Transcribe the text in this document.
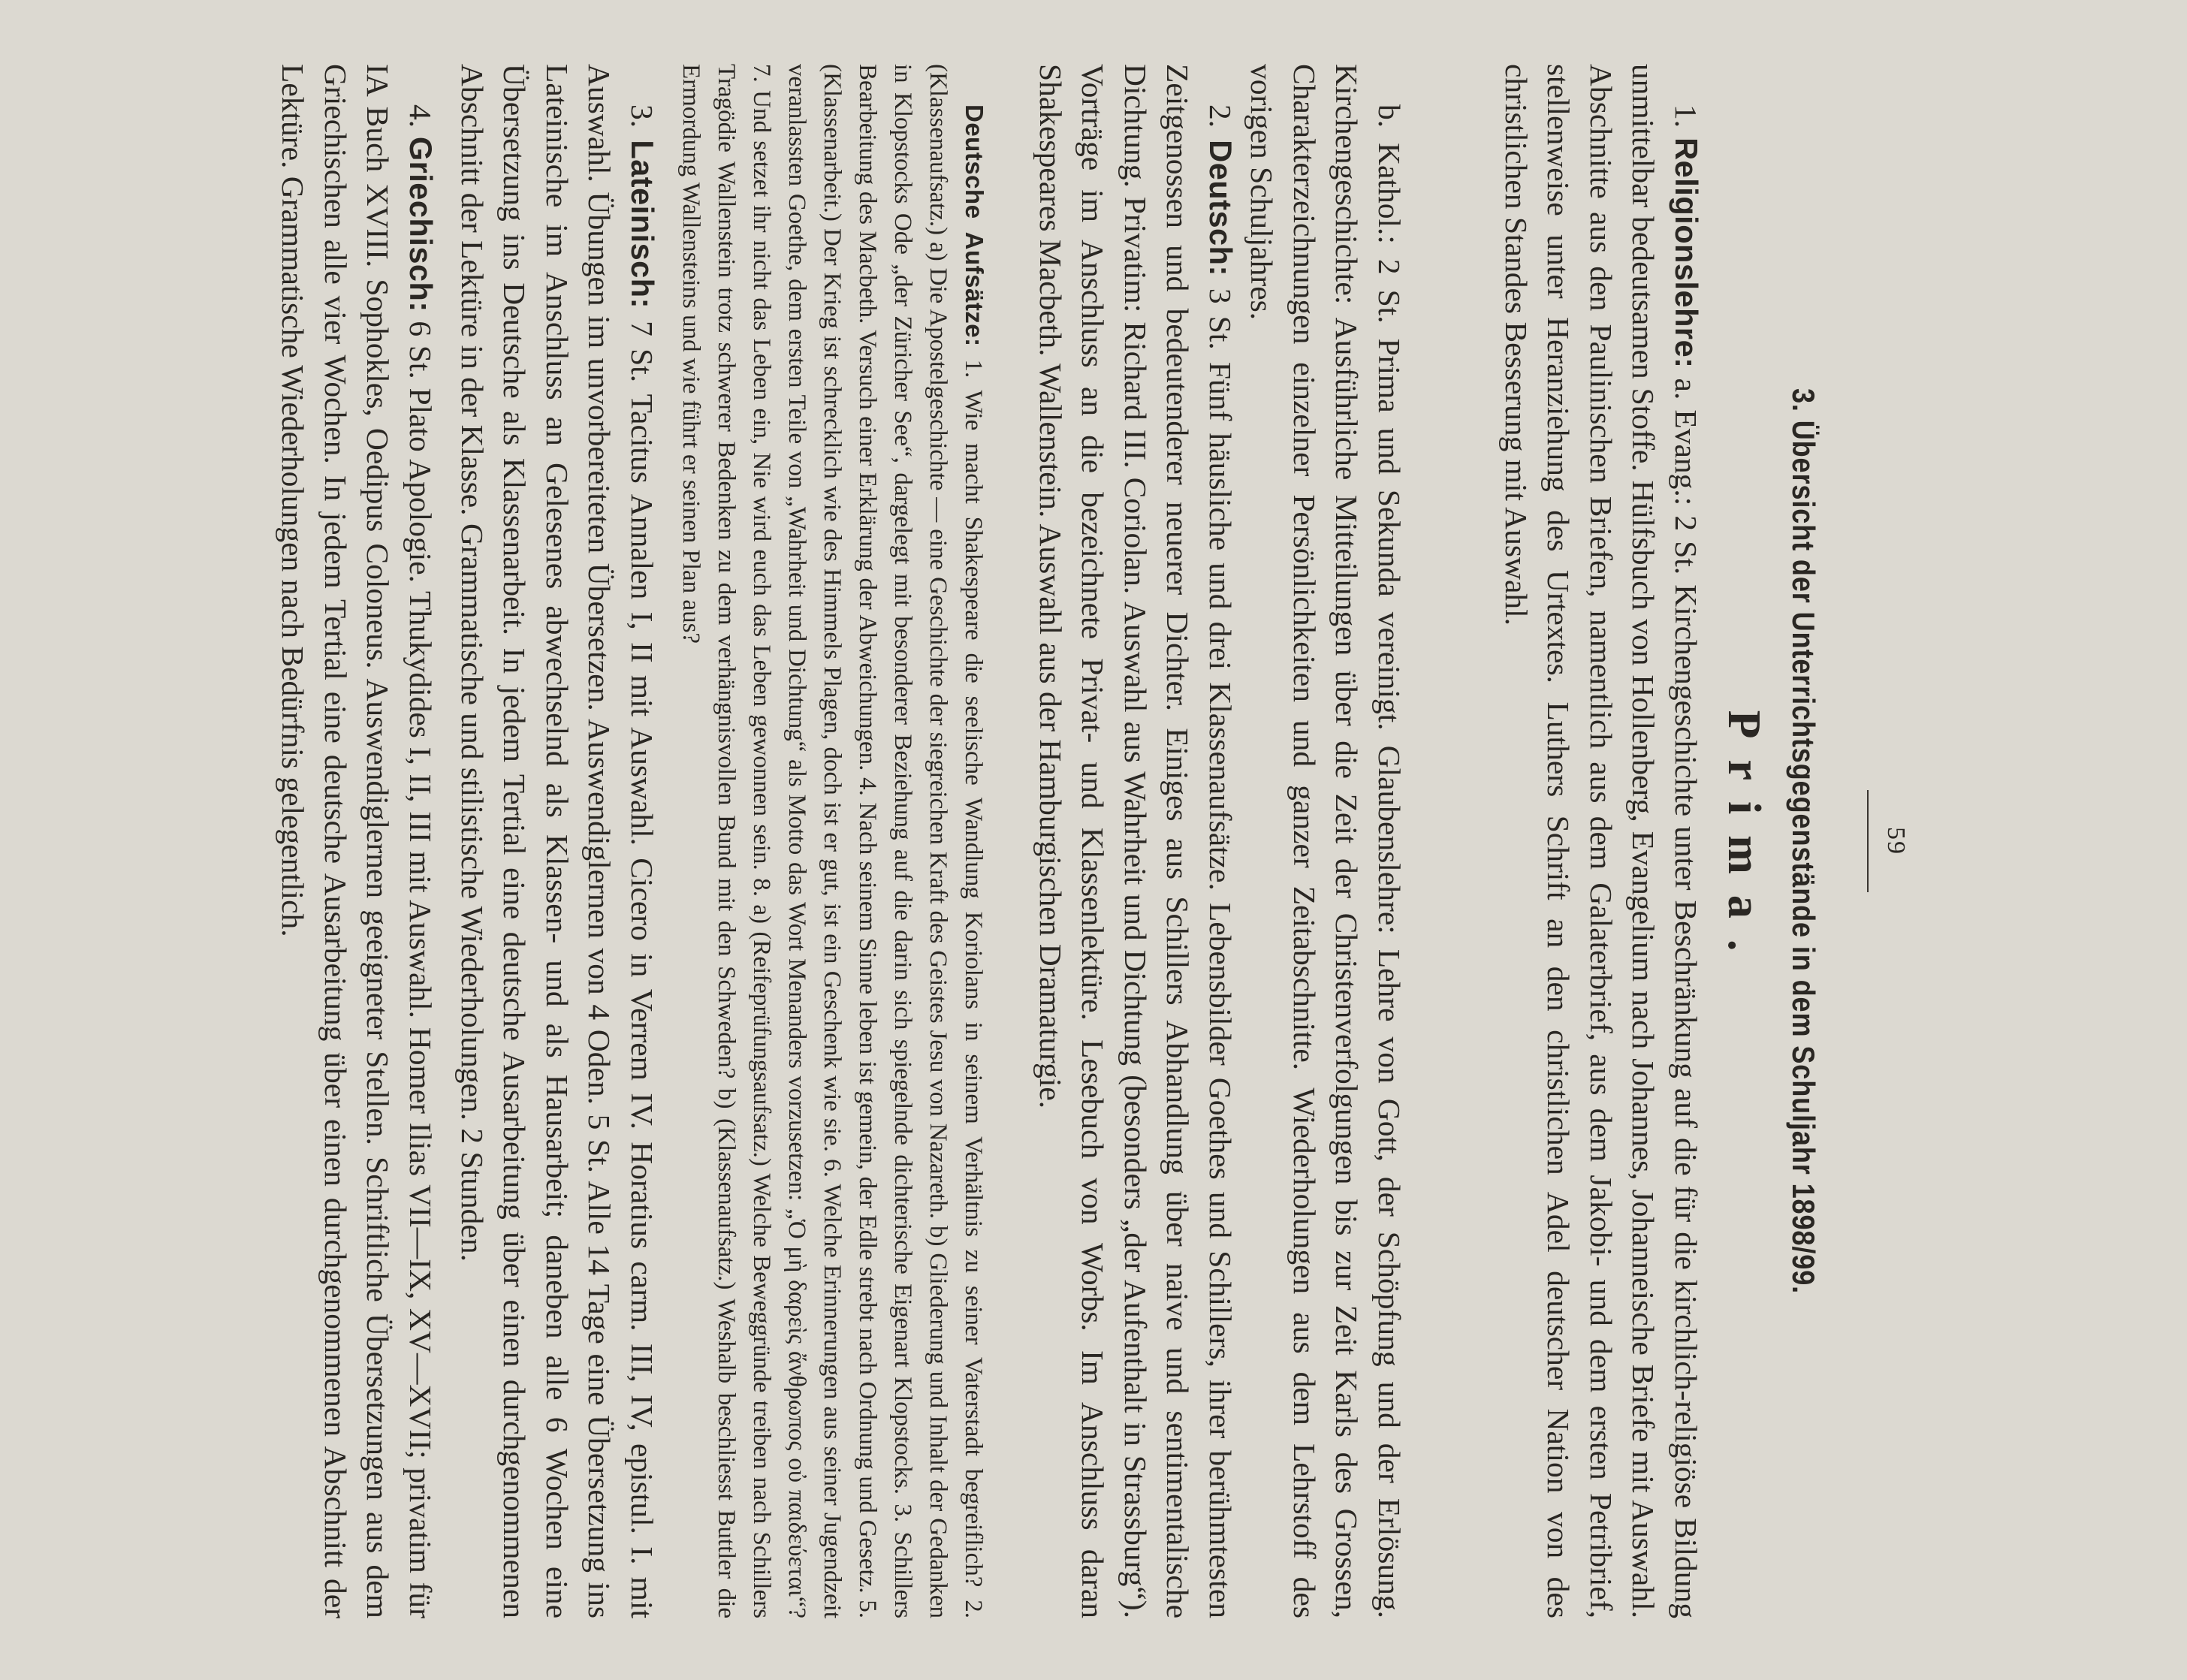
59
3. Übersicht der Unterrichtsgegenstände in dem Schuljahr 1898/99.
Prima.
1. Religionslehre: a. Evang.: 2 St. Kirchengeschichte unter Beschränkung auf die für die kirchlich-religiöse Bildung unmittelbar bedeutsamen Stoffe. Hülfsbuch von Hollenberg, Evangelium nach Johannes, Johanneische Briefe mit Auswahl. Abschnitte aus den Paulinischen Briefen, namentlich aus dem Galaterbrief, aus dem Jakobi- und dem ersten Petribrief, stellenweise unter Heranziehung des Urtextes. Luthers Schrift an den christlichen Adel deutscher Nation von des christlichen Standes Besserung mit Auswahl.
b. Kathol.: 2 St. Prima und Sekunda vereinigt. Glaubenslehre: Lehre von Gott, der Schöpfung und der Erlösung. Kirchengeschichte: Ausführliche Mitteilungen über die Zeit der Christenverfolgungen bis zur Zeit Karls des Grossen, Charakterzeichnungen einzelner Persönlichkeiten und ganzer Zeitabschnitte. Wiederholungen aus dem Lehrstoff des vorigen Schuljahres.
2. Deutsch: 3 St. Fünf häusliche und drei Klassenaufsätze. Lebensbilder Goethes und Schillers, ihrer berühmtesten Zeitgenossen und bedeutenderer neuerer Dichter. Einiges aus Schillers Abhandlung über naive und sentimentalische Dichtung. Privatim: Richard III. Coriolan. Auswahl aus Wahrheit und Dichtung (besonders „der Aufenthalt in Strassburg“). Vorträge im Anschluss an die bezeichnete Privat- und Klassenlektüre. Lesebuch von Worbs. Im Anschluss daran Shakespeares Macbeth. Wallenstein. Auswahl aus der Hamburgischen Dramaturgie.
Deutsche Aufsätze: 1. Wie macht Shakespeare die seelische Wandlung Koriolans in seinem Verhältnis zu seiner Vaterstadt begreiflich? 2. (Klassenaufsatz.) a) Die Apostelgeschichte — eine Geschichte der siegreichen Kraft des Geistes Jesu von Nazareth. b) Gliederung und Inhalt der Gedanken in Klopstocks Ode „der Züricher See“, dargelegt mit besonderer Beziehung auf die darin sich spiegelnde dichterische Eigenart Klopstocks. 3. Schillers Bearbeitung des Macbeth. Versuch einer Erklärung der Abweichungen. 4. Nach seinem Sinne leben ist gemein, der Edle strebt nach Ordnung und Gesetz. 5. (Klassenarbeit.) Der Krieg ist schrecklich wie des Himmels Plagen, doch ist er gut, ist ein Geschenk wie sie. 6. Welche Erinnerungen aus seiner Jugendzeit veranlassten Goethe, dem ersten Teile von „Wahrheit und Dichtung“ als Motto das Wort Menanders vorzusetzen: „Ὁ μὴ δαρεὶς ἄνθρωπος οὐ παιδεύεται“? 7. Und setzet ihr nicht das Leben ein, Nie wird euch das Leben gewonnen sein. 8. a) (Reifeprüfungsaufsatz.) Welche Beweggründe treiben nach Schillers Tragödie Wallenstein trotz schwerer Bedenken zu dem verhängnisvollen Bund mit den Schweden? b) (Klassenaufsatz.) Weshalb beschliesst Buttler die Ermordung Wallensteins und wie führt er seinen Plan aus?
3. Lateinisch: 7 St. Tacitus Annalen I, II mit Auswahl. Cicero in Verrem IV. Horatius carm. III, IV, epistul. I. mit Auswahl. Übungen im unvorbereiteten Übersetzen. Auswendiglernen von 4 Oden. 5 St. Alle 14 Tage eine Übersetzung ins Lateinische im Anschluss an Gelesenes abwechselnd als Klassen- und als Hausarbeit; daneben alle 6 Wochen eine Übersetzung ins Deutsche als Klassenarbeit. In jedem Tertial eine deutsche Ausarbeitung über einen durchgenommenen Abschnitt der Lektüre in der Klasse. Grammatische und stilistische Wiederholungen. 2 Stunden.
4. Griechisch: 6 St. Plato Apologie. Thukydides I, II, III mit Auswahl. Homer Ilias VII—IX, XV—XVII; privatim für IA Buch XVIII. Sophokles, Oedipus Coloneus. Auswendiglernen geeigneter Stellen. Schriftliche Übersetzungen aus dem Griechischen alle vier Wochen. In jedem Tertial eine deutsche Ausarbeitung über einen durchgenommenen Abschnitt der Lektüre. Grammatische Wiederholungen nach Bedürfnis gelegentlich.
